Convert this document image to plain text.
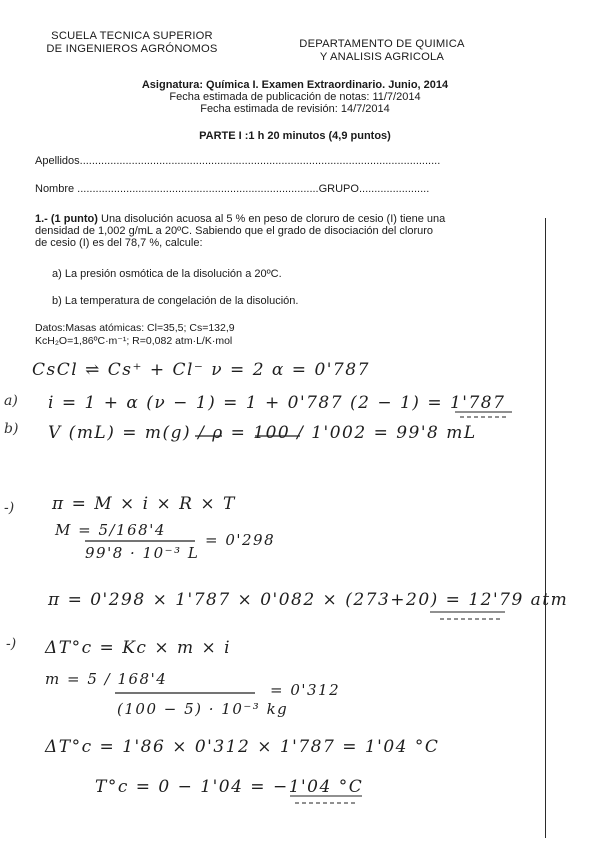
SCUELA TECNICA SUPERIOR
DE INGENIEROS AGRÓNOMOS	DEPARTAMENTO DE QUIMICA
Y ANALISIS AGRICOLA
Asignatura: Química I. Examen Extraordinario. Junio, 2014
Fecha estimada de publicación de notas: 11/7/2014
Fecha estimada de revisión: 14/7/2014
PARTE I :1 h 20 minutos (4,9 puntos)
Apellidos......................................................................................................................
Nombre ...............................................................................GRUPO.......................
1.- (1 punto) Una disolución acuosa al 5 % en peso de cloruro de cesio (I) tiene una
densidad de 1,002 g/mL a 20ºC. Sabiendo que el grado de disociación del cloruro
de cesio (I) es del 78,7 %, calcule:
a) La presión osmótica de la disolución a 20ºC.
b) La temperatura de congelación de la disolución.
Datos:Masas atómicas: Cl=35,5; Cs=132,9
KcH₂O=1,86ºC·m⁻¹; R=0,082 atm·L/K·mol
a)
b)
-)
-)
CsCl ⇌ Cs⁺ + Cl⁻ ν = 2 α = 0'787
i = 1 + α (ν − 1) = 1 + 0'787 (2 − 1) = 1'787
V (mL) = m(g) / ρ = 100 / 1'002 = 99'8 mL
π = M × i × R × T
M = 5/168'4
= 0'298
99'8 · 10⁻³ L
π = 0'298 × 1'787 × 0'082 × (273+20) = 12'79 atm
ΔT°c = Kc × m × i
m = 5 / 168'4
= 0'312
(100 − 5) · 10⁻³ kg
ΔT°c = 1'86 × 0'312 × 1'787 = 1'04 °C
T°c = 0 − 1'04 = −1'04 °C
